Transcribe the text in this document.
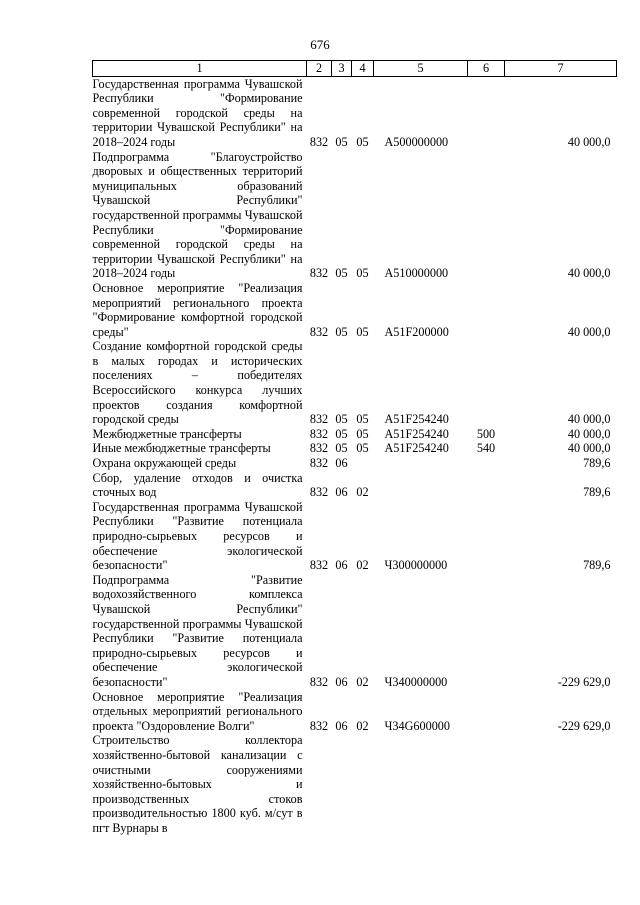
676
1	2	3	4	5	6	7
Государственная программа Чувашской Республики "Формирование современной городской среды на территории Чувашской Республики" на 2018–2024 годы	832	05	05	А500000000		40 000,0
Подпрограмма "Благоустройство дворовых и общественных территорий муниципальных образований Чувашской Республики" государственной программы Чувашской Республики "Формирование современной городской среды на территории Чувашской Республики" на 2018–2024 годы	832	05	05	А510000000		40 000,0
Основное мероприятие "Реализация мероприятий регионального проекта "Формирование комфортной городской среды"	832	05	05	А51F200000		40 000,0
Создание комфортной городской среды в малых городах и исторических поселениях – победителях Всероссийского конкурса лучших проектов создания комфортной городской среды	832	05	05	А51F254240		40 000,0
Межбюджетные трансферты	832	05	05	А51F254240	500	40 000,0
Иные межбюджетные трансферты	832	05	05	А51F254240	540	40 000,0
Охрана окружающей среды	832	06				789,6
Сбор, удаление отходов и очистка сточных вод	832	06	02			789,6
Государственная программа Чувашской Республики "Развитие потенциала природно-сырьевых ресурсов и обеспечение экологической безопасности"	832	06	02	Ч300000000		789,6
Подпрограмма "Развитие водохозяйственного комплекса Чувашской Республики" государственной программы Чувашской Республики "Развитие потенциала природно-сырьевых ресурсов и обеспечение экологической безопасности"	832	06	02	Ч340000000		-229 629,0
Основное мероприятие "Реализация отдельных мероприятий регионального проекта "Оздоровление Волги"	832	06	02	Ч34G600000		-229 629,0
Строительство коллектора хозяйственно-бытовой канализации с очистными сооружениями хозяйственно-бытовых и производственных стоков производительностью 1800 куб. м/сут в пгт Вурнары в						
